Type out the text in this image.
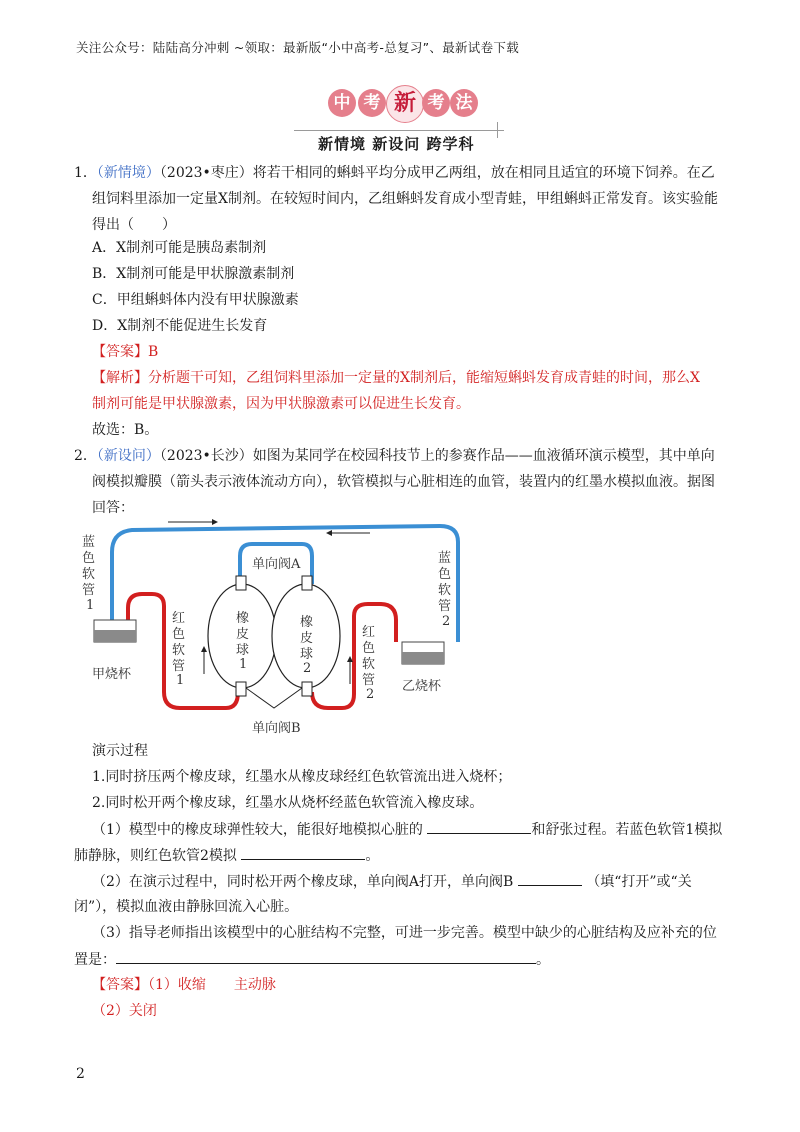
关注公众号：陆陆高分冲刺 ~领取：最新版“小中高考-总复习”、最新试卷下载
中 考 新 考 法
新情境 新设问 跨学科
1．（新情境）（2023•枣庄）将若干相同的蝌蚪平均分成甲乙两组，放在相同且适宜的环境下饲养。在乙
组饲料里添加一定量X制剂。在较短时间内，乙组蝌蚪发育成小型青蛙，甲组蝌蚪正常发育。该实验能
得出（　　）
A．X制剂可能是胰岛素制剂
B．X制剂可能是甲状腺激素制剂
C．甲组蝌蚪体内没有甲状腺激素
D．X制剂不能促进生长发育
【答案】B
【解析】分析题干可知，乙组饲料里添加一定量的X制剂后，能缩短蝌蚪发育成青蛙的时间，那么X
制剂可能是甲状腺激素，因为甲状腺激素可以促进生长发育。
故选：B。
2．（新设问）（2023•长沙）如图为某同学在校园科技节上的参赛作品——血液循环演示模型，其中单向
阀模拟瓣膜（箭头表示液体流动方向），软管模拟与心脏相连的血管，装置内的红墨水模拟血液。据图
回答：
蓝
色
软
管
1
蓝
色
软
管
2
红
色
软
管
1
红
色
软
管
2
橡
皮
球
1
橡
皮
球
2
单向阀A
单向阀B
甲烧杯
乙烧杯
演示过程
1.同时挤压两个橡皮球，红墨水从橡皮球经红色软管流出进入烧杯；
2.同时松开两个橡皮球，红墨水从烧杯经蓝色软管流入橡皮球。
（1）模型中的橡皮球弹性较大，能很好地模拟心脏的	和舒张过程。若蓝色软管1模拟
肺静脉，则红色软管2模拟	。
（2）在演示过程中，同时松开两个橡皮球，单向阀A打开，单向阀B	（填“打开”或“关
闭”），模拟血液由静脉回流入心脏。
（3）指导老师指出该模型中的心脏结构不完整，可进一步完善。模型中缺少的心脏结构及应补充的位
置是：	。
【答案】（1）收缩　　主动脉
（2）关闭
2
